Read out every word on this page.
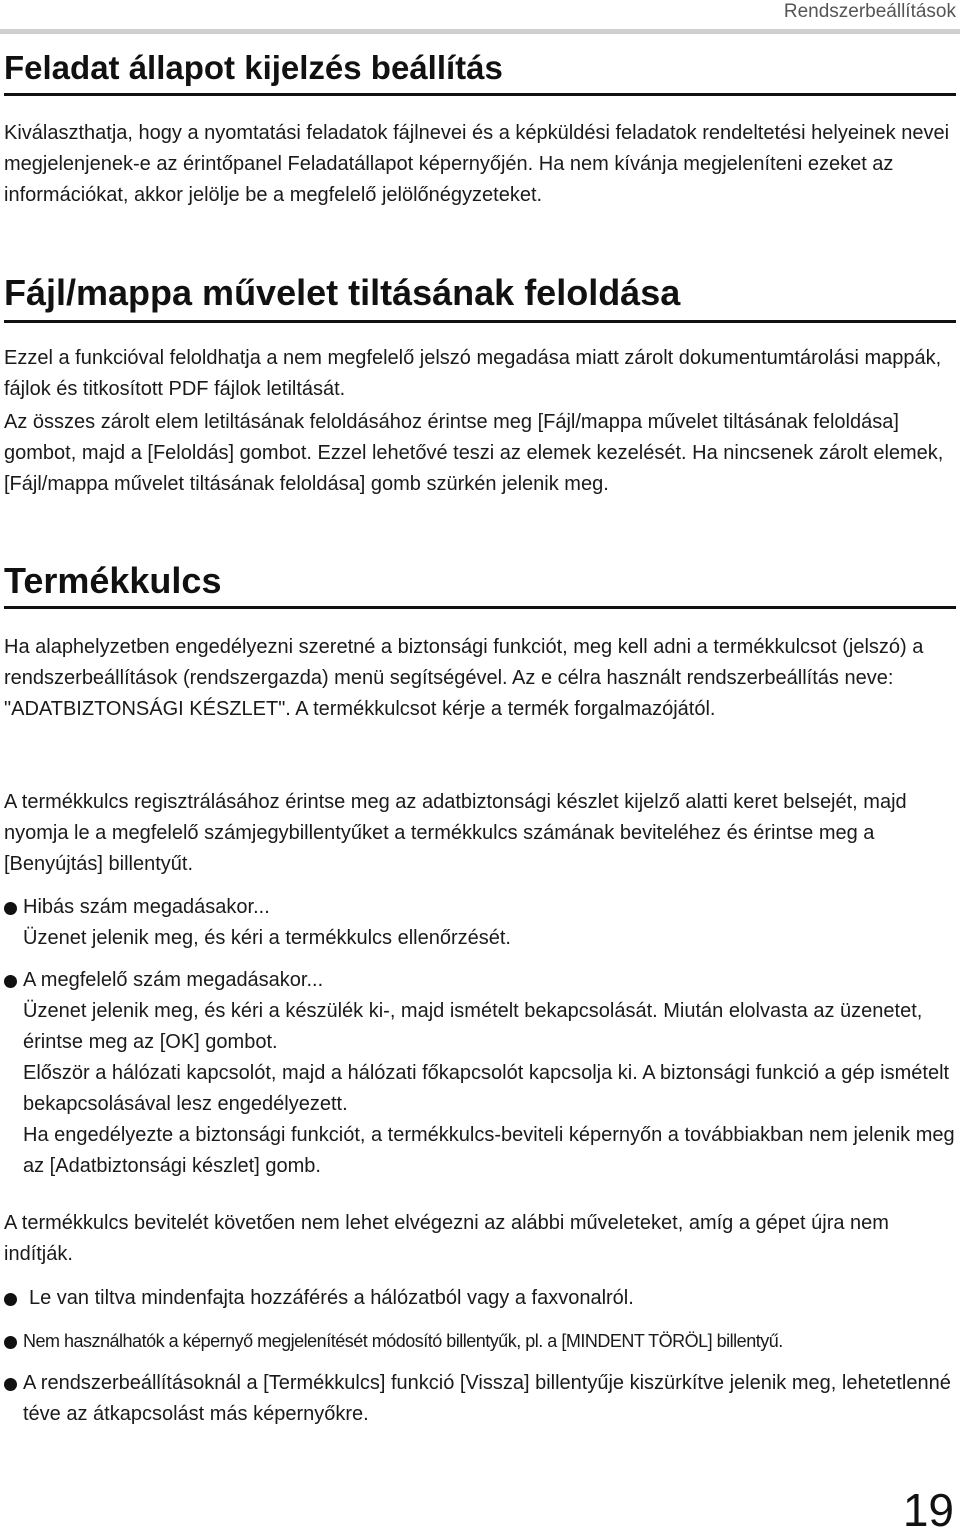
Rendszerbeállítások
Feladat állapot kijelzés beállítás

Kiválaszthatja, hogy a nyomtatási feladatok fájlnevei és a képküldési feladatok rendeltetési helyeinek nevei megjelenjenek-e az érintőpanel Feladatállapot képernyőjén. Ha nem kívánja megjeleníteni ezeket az információkat, akkor jelölje be a megfelelő jelölőnégyzeteket.

Fájl/mappa művelet tiltásának feloldása

Ezzel a funkcióval feloldhatja a nem megfelelő jelszó megadása miatt zárolt dokumentumtárolási mappák, fájlok és titkosított PDF fájlok letiltását.

Az összes zárolt elem letiltásának feloldásához érintse meg [Fájl/mappa művelet tiltásának feloldása] gombot, majd a [Feloldás] gombot. Ezzel lehetővé teszi az elemek kezelését. Ha nincsenek zárolt elemek, [Fájl/mappa művelet tiltásának feloldása] gomb szürkén jelenik meg.

Termékkulcs

Ha alaphelyzetben engedélyezni szeretné a biztonsági funkciót, meg kell adni a termékkulcsot (jelszó) a rendszerbeállítások (rendszergazda) menü segítségével. Az e célra használt rendszerbeállítás neve: "ADATBIZTONSÁGI KÉSZLET". A termékkulcsot kérje a termék forgalmazójától.

A termékkulcs regisztrálásához érintse meg az adatbiztonsági készlet kijelző alatti keret belsejét, majd nyomja le a megfelelő számjegybillentyűket a termékkulcs számának beviteléhez és érintse meg a [Benyújtás] billentyűt.

Hibás szám megadásakor...
Üzenet jelenik meg, és kéri a termékkulcs ellenőrzését.
A megfelelő szám megadásakor...
Üzenet jelenik meg, és kéri a készülék ki-, majd ismételt bekapcsolását. Miután elolvasta az üzenetet, érintse meg az [OK] gombot.
Először a hálózati kapcsolót, majd a hálózati főkapcsolót kapcsolja ki. A biztonsági funkció a gép ismételt bekapcsolásával lesz engedélyezett.
Ha engedélyezte a biztonsági funkciót, a termékkulcs-beviteli képernyőn a továbbiakban nem jelenik meg az [Adatbiztonsági készlet] gomb.

A termékkulcs bevitelét követően nem lehet elvégezni az alábbi műveleteket, amíg a gépet újra nem indítják.

Le van tiltva mindenfajta hozzáférés a hálózatból vagy a faxvonalról.
Nem használhatók a képernyő megjelenítését módosító billentyűk, pl. a [MINDENT TÖRÖL] billentyű.
A rendszerbeállításoknál a [Termékkulcs] funkció [Vissza] billentyűje kiszürkítve jelenik meg, lehetetlenné téve az átkapcsolást más képernyőkre.
19
